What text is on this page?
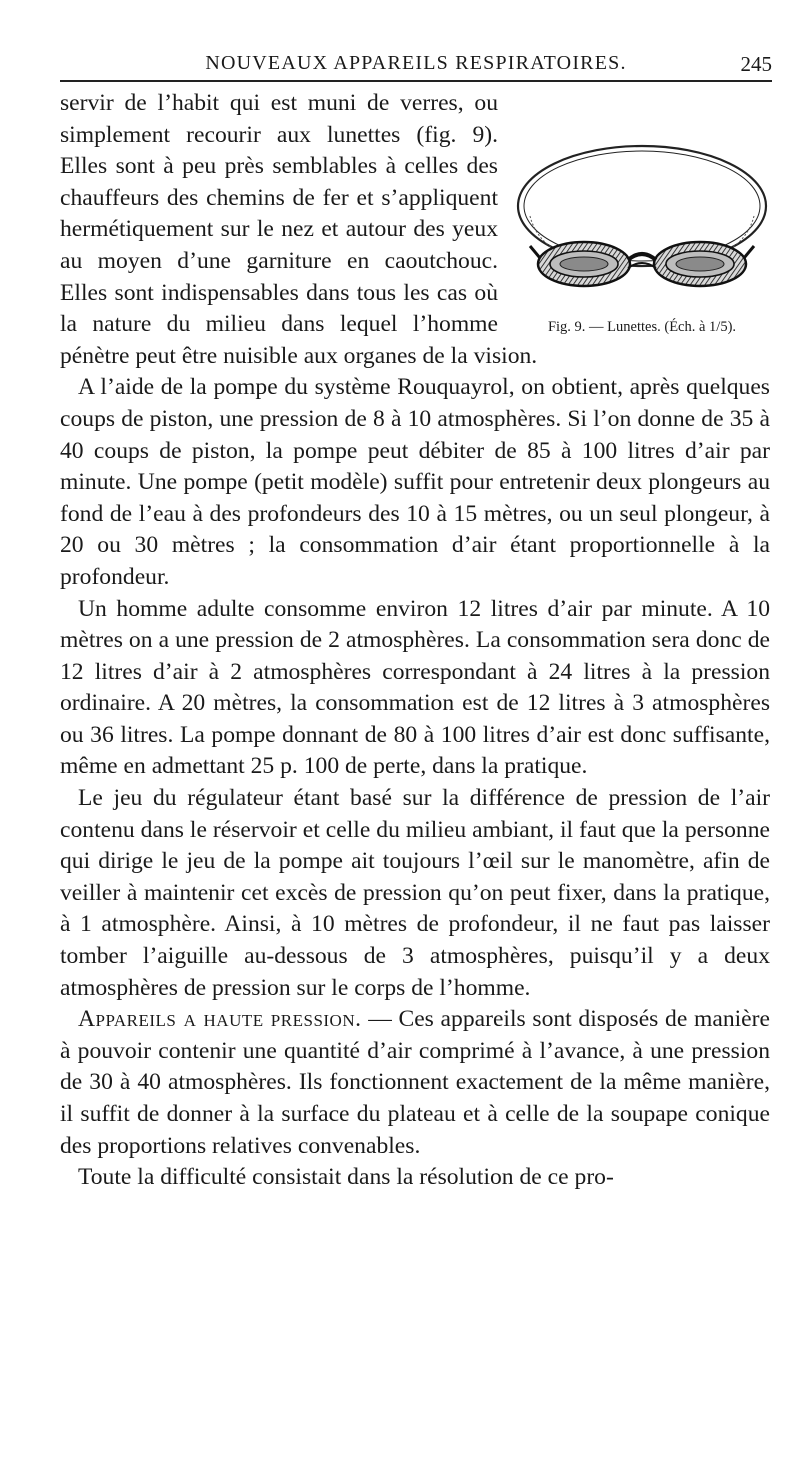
NOUVEAUX APPAREILS RESPIRATOIRES.	245
Fig. 9. — Lunettes. (Éch. à 1/5).

servir de l’habit qui est muni de verres, ou simplement recourir aux lunettes (fig. 9). Elles sont à peu près semblables à celles des chauffeurs des chemins de fer et s’appliquent hermétiquement sur le nez et autour des yeux au moyen d’une garniture en caoutchouc. Elles sont indispensables dans tous les cas où la nature du milieu dans lequel l’homme pénètre peut être nuisible aux organes de la vision.

A l’aide de la pompe du système Rouquayrol, on obtient, après quelques coups de piston, une pression de 8 à 10 atmosphères. Si l’on donne de 35 à 40 coups de piston, la pompe peut débiter de 85 à 100 litres d’air par minute. Une pompe (petit modèle) suffit pour entretenir deux plongeurs au fond de l’eau à des profondeurs des 10 à 15 mètres, ou un seul plongeur, à 20 ou 30 mètres ; la consommation d’air étant proportionnelle à la profondeur.

Un homme adulte consomme environ 12 litres d’air par minute. A 10 mètres on a une pression de 2 atmosphères. La consommation sera donc de 12 litres d’air à 2 atmosphères correspondant à 24 litres à la pression ordinaire. A 20 mètres, la consommation est de 12 litres à 3 atmosphères ou 36 litres. La pompe donnant de 80 à 100 litres d’air est donc suffisante, même en admettant 25 p. 100 de perte, dans la pratique.

Le jeu du régulateur étant basé sur la différence de pression de l’air contenu dans le réservoir et celle du milieu ambiant, il faut que la personne qui dirige le jeu de la pompe ait toujours l’œil sur le manomètre, afin de veiller à maintenir cet excès de pression qu’on peut fixer, dans la pratique, à 1 atmosphère. Ainsi, à 10 mètres de profondeur, il ne faut pas laisser tomber l’aiguille au-dessous de 3 atmosphères, puisqu’il y a deux atmosphères de pression sur le corps de l’homme.

Appareils a haute pression. — Ces appareils sont disposés de manière à pouvoir contenir une quantité d’air comprimé à l’avance, à une pression de 30 à 40 atmosphères. Ils fonctionnent exactement de la même manière, il suffit de donner à la surface du plateau et à celle de la soupape conique des proportions relatives convenables.

Toute la difficulté consistait dans la résolution de ce pro-
